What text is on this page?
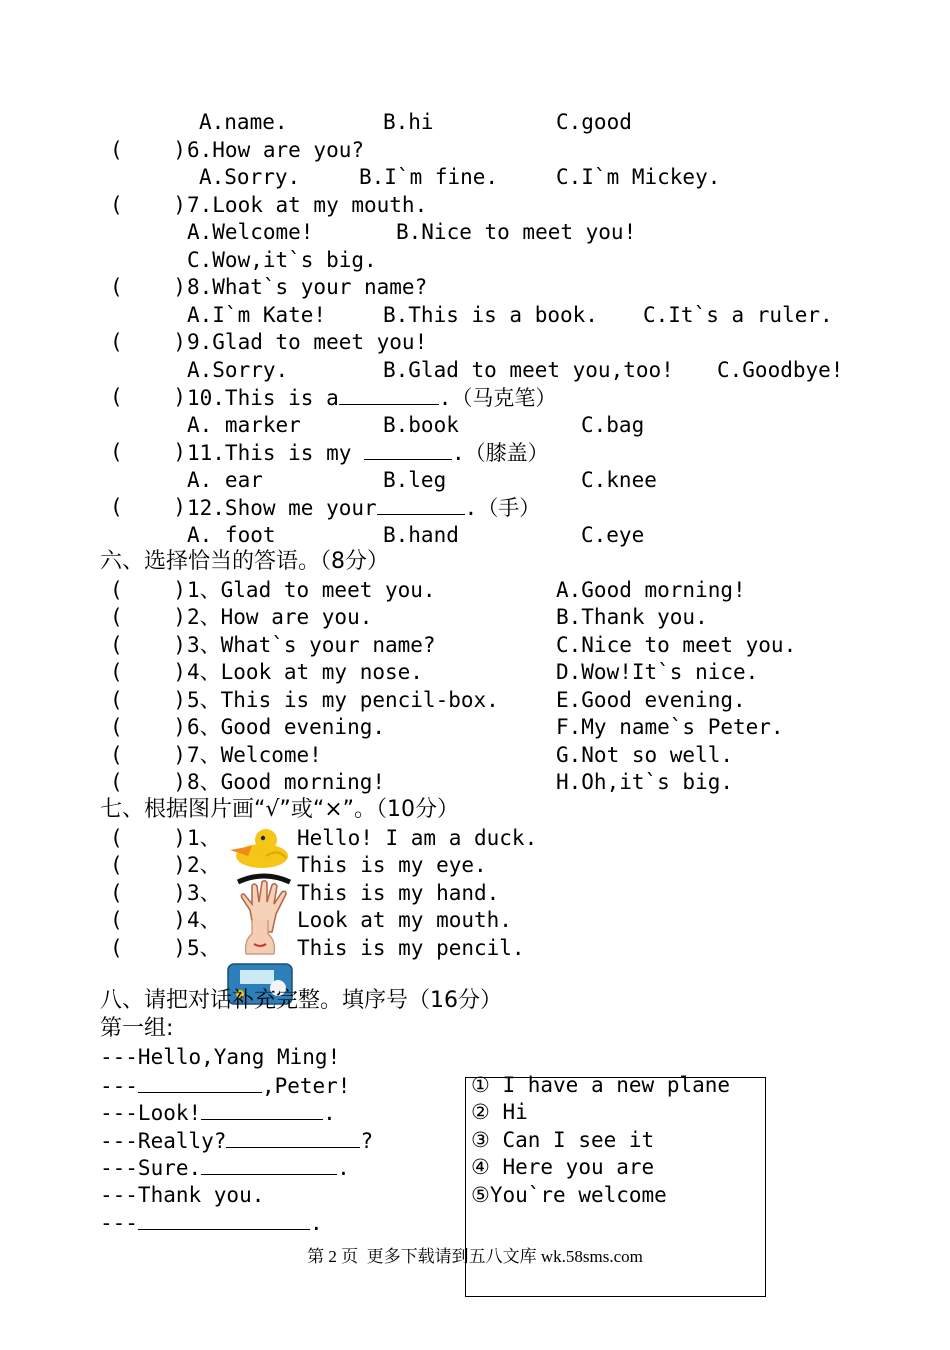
A.name.	B.hi	C.good
(    ) 6.How are you?
A.Sorry.	B.I`m fine.	C.I`m Mickey.
(    ) 7.Look at my mouth.
A.Welcome!	B.Nice to meet you!
C.Wow,it`s big.
(    ) 8.What`s your name?
A.I`m Kate!	B.This is a book. C.It`s a ruler.
(    ) 9.Glad to meet you!
A.Sorry.	B.Glad to meet you,too! C.Goodbye!
(    ) 10.This is a	.（马克笔）
A. marker	B.book	C.bag
(    ) 11.This is my	.（膝盖）
A. ear	B.leg	C.knee
(    ) 12.Show me your	.（手）
A. foot	B.hand	C.eye
六、选择恰当的答语。（8分）
(    ) 1、Glad to meet you.	A.Good morning!
(    ) 2、How are you.	B.Thank you.
(    ) 3、What`s your name?	C.Nice to meet you.
(    ) 4、Look at my nose.	D.Wow!It`s nice.
(    ) 5、This is my pencil-box.	E.Good evening.
(    ) 6、Good evening.	F.My name`s Peter.
(    ) 7、Welcome!	G.Not so well.
(    ) 8、Good morning!	H.Oh,it`s big.
七、根据图片画“√”或“×”。（10分）
(    ) 1、	Hello! I am a duck.
(    ) 2、	This is my eye.
(    ) 3、	This is my hand.
(    ) 4、	Look at my mouth.
(    ) 5、	This is my pencil.
八、请把对话补充完整。填序号（16分）
第一组:
---Hello,Yang Ming!
---	,Peter!
---Look!	.
---Really?	?
---Sure.	.
---Thank you.
---	.
① I have a new plane
② Hi
③ Can I see it
④ Here you are
⑤You`re welcome
第 2 页  更多下载请到五八文库 wk.58sms.com
